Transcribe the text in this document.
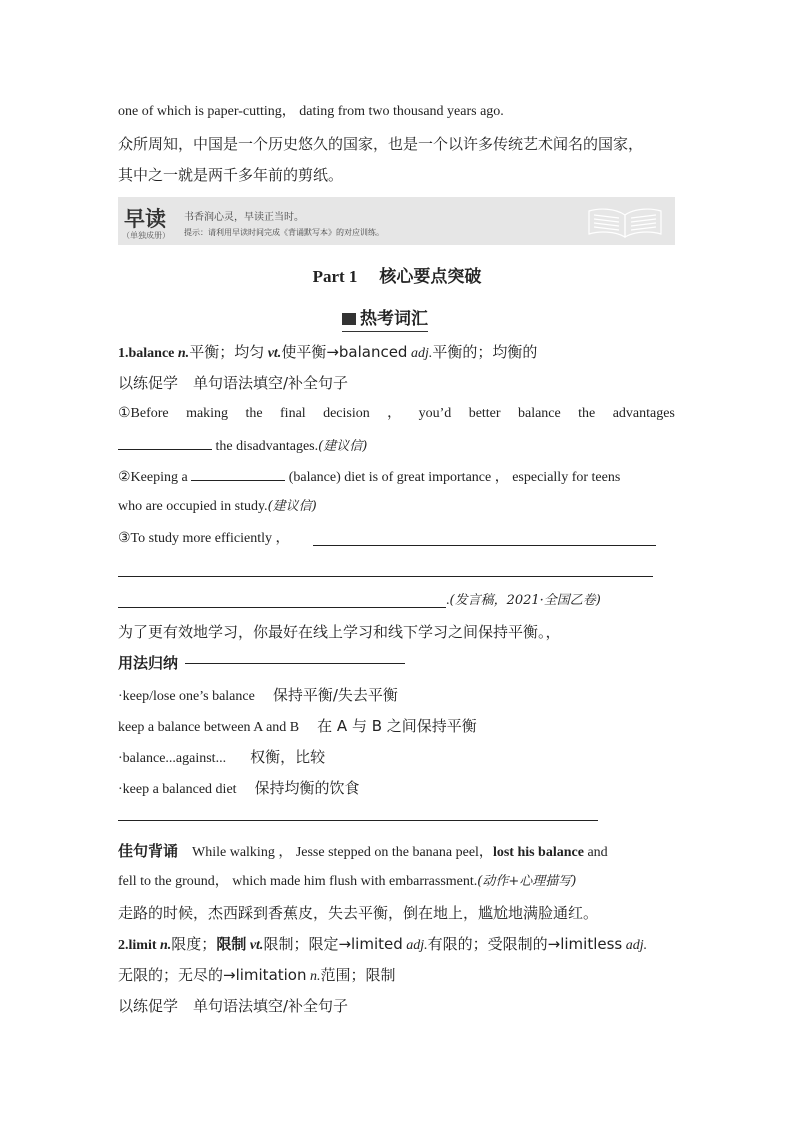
one of which is paper-cutting， dating from two thousand years ago.
众所周知，中国是一个历史悠久的国家，也是一个以许多传统艺术闻名的国家，
其中之一就是两千多年前的剪纸。
早读
（单独成册）
书香润心灵，早读正当时。
提示：请利用早读时间完成《背诵默写本》的对应训练。
Part 1 核心要点突破
热考词汇
1.balance n.平衡；均匀 vt.使平衡→balanced adj.平衡的；均衡的
以练促学　单句语法填空/补全句子
①Before making the final decision ， you’d better balance the advantages
the disadvantages.(建议信)
②Keeping a	(balance) diet is of great importance ， especially for teens
who are occupied in study.(建议信)
③To study more efficiently ，
.(发言稿，2021·全国乙卷)
为了更有效地学习，你最好在线上学习和线下学习之间保持平衡。，
用法归纳
·keep/lose one’s balance 保持平衡/失去平衡
keep a balance between A and B 在 A 与 B 之间保持平衡
·balance...against... 权衡，比较
·keep a balanced diet 保持均衡的饮食
佳句背诵 While walking ， Jesse stepped on the banana peel，lost his balance and
fell to the ground， which made him flush with embarrassment.(动作+心理描写)
走路的时候，杰西踩到香蕉皮，失去平衡，倒在地上，尴尬地满脸通红。
2.limit n.限度；限制 vt.限制；限定→limited adj.有限的；受限制的→limitless adj.
无限的；无尽的→limitation n.范围；限制
以练促学　单句语法填空/补全句子
